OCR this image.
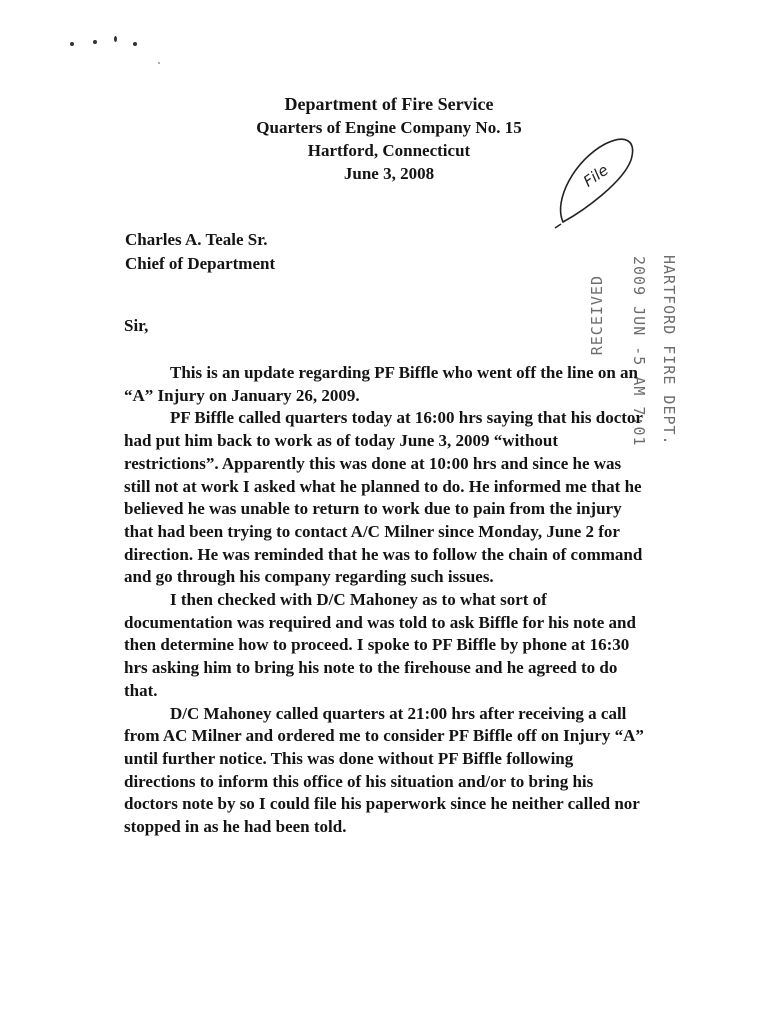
Department of Fire Service
Quarters of Engine Company No. 15
Hartford, Connecticut
June 3, 2008	File
HARTFORD FIRE DEPT.
2009 JUN -5 AM 7:01
RECEIVED
Charles A. Teale Sr.
Chief of Department
Sir,

This is an update regarding PF Biffle who went off the line on an “A” Injury on January 26, 2009.

PF Biffle called quarters today at 16:00 hrs saying that his doctor had put him back to work as of today June 3, 2009 “without restrictions”. Apparently this was done at 10:00 hrs and since he was still not at work I asked what he planned to do. He informed me that he believed he was unable to return to work due to pain from the injury that had been trying to contact A/C Milner since Monday, June 2 for direction. He was reminded that he was to follow the chain of command and go through his company regarding such issues.

I then checked with D/C Mahoney as to what sort of documentation was required and was told to ask Biffle for his note and then determine how to proceed. I spoke to PF Biffle by phone at 16:30 hrs asking him to bring his note to the firehouse and he agreed to do that.

D/C Mahoney called quarters at 21:00 hrs after receiving a call from AC Milner and ordered me to consider PF Biffle off on Injury “A” until further notice. This was done without PF Biffle following directions to inform this office of his situation and/or to bring his doctors note by so I could file his paperwork since he neither called nor stopped in as he had been told.
